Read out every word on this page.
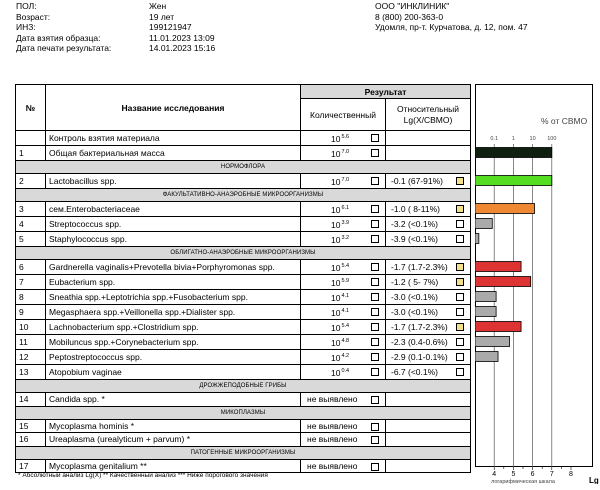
ПОЛ:	Жен
Возраст:	19 лет
ИНЗ:	199121947
Дата взятия образца:	11.01.2023 13:09
Дата печати результата:	14.01.2023 15:16
ООО "ИНКЛИНИК"
8 (800) 200-363-0
Удомля, пр-т. Курчатова, д. 12, пом. 47
№	Название исследования	Результат	
		Количественный	Относительный Lg(X/СВМО)
	Контроль взятия материала	$10^{5.6}$

1	Общая бактериальная масса	$10^{7.0}$

НОРМОФЛОРА			
2	Lactobacillus spp.	$10^{7.0}$	-0.1 (67-91%)

ФАКУЛЬТАТИВНО-АНАЭРОБНЫЕ МИКРООРГАНИЗМЫ			
3	сем.Enterobacteriaceae	$10^{6.1}$	-1.0 ( 8-11%)

4	Streptococcus spp.	$10^{3.9}$	-3.2 (<0.1%)

5	Staphylococcus spp.	$10^{3.2}$	-3.9 (<0.1%)

ОБЛИГАТНО-АНАЭРОБНЫЕ МИКРООРГАНИЗМЫ			
6	Gardnerella vaginalis+Prevotella bivia+Porphyromonas spp.	$10^{5.4}$	-1.7 (1.7-2.3%)

7	Eubacterium spp.	$10^{5.9}$	-1.2 ( 5- 7%)

8	Sneathia spp.+Leptotrichia spp.+Fusobacterium spp.	$10^{4.1}$	-3.0 (<0.1%)

9	Megasphaera spp.+Veillonella spp.+Dialister spp.	$10^{4.1}$	-3.0 (<0.1%)

10	Lachnobacterium spp.+Clostridium spp.	$10^{5.4}$	-1.7 (1.7-2.3%)

11	Mobiluncus spp.+Corynebacterium spp.	$10^{4.8}$	-2.3 (0.4-0.6%)

12	Peptostreptococcus spp.	$10^{4.2}$	-2.9 (0.1-0.1%)

13	Atopobium vaginae	$10^{0.4}$	-6.7 (<0.1%)

ДРОЖЖЕПОДОБНЫЕ ГРИБЫ			
14	Candida spp. *	не выявлено

МИКОПЛАЗМЫ			
15	Mycoplasma hominis *	не выявлено

16	Ureaplasma (urealyticum + parvum) *	не выявлено

ПАТОГЕННЫЕ МИКРООРГАНИЗМЫ			
17	Mycoplasma genitalium **	не выявлено

% от СВМО
0.1	1	10 100
4 5 6 7 8
логарифмическая шкала	Lg
* Абсолютный анализ Lg(X) ** Качественный анализ *** Ниже порогового значения
